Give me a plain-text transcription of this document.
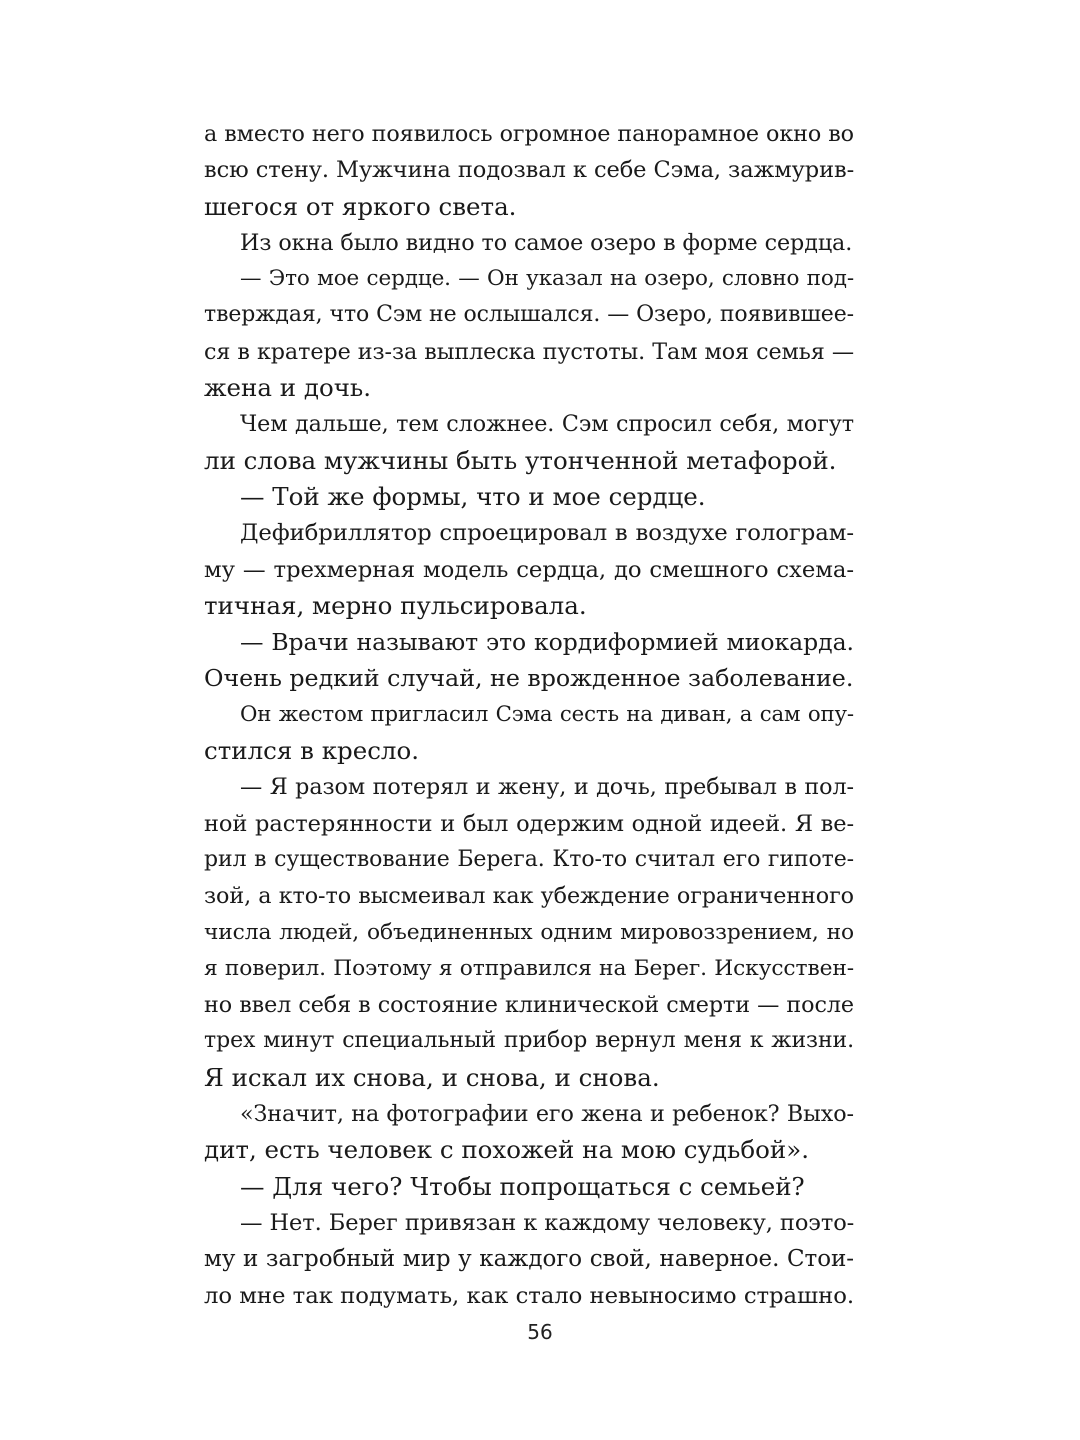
а вместо него появилось огромное панорамное окно во
всю стену. Мужчина подозвал к себе Сэма, зажмурив-
шегося от яркого света.
Из окна было видно то самое озеро в форме сердца.
— Это мое сердце. — Он указал на озеро, словно под-
тверждая, что Сэм не ослышался. — Озеро, появившее-
ся в кратере из-за выплеска пустоты. Там моя семья —
жена и дочь.
Чем дальше, тем сложнее. Сэм спросил себя, могут
ли слова мужчины быть утонченной метафорой.
— Той же формы, что и мое сердце.
Дефибриллятор спроецировал в воздухе голограм-
му — трехмерная модель сердца, до смешного схема-
тичная, мерно пульсировала.
— Врачи называют это кордиформией миокарда.
Очень редкий случай, не врожденное заболевание.
Он жестом пригласил Сэма сесть на диван, а сам опу-
стился в кресло.
— Я разом потерял и жену, и дочь, пребывал в пол-
ной растерянности и был одержим одной идеей. Я ве-
рил в существование Берега. Кто-то считал его гипоте-
зой, а кто-то высмеивал как убеждение ограниченного
числа людей, объединенных одним мировоззрением, но
я поверил. Поэтому я отправился на Берег. Искусствен-
но ввел себя в состояние клинической смерти — после
трех минут специальный прибор вернул меня к жизни.
Я искал их снова, и снова, и снова.
«Значит, на фотографии его жена и ребенок? Выхо-
дит, есть человек с похожей на мою судьбой».
— Для чего? Чтобы попрощаться с семьей?
— Нет. Берег привязан к каждому человеку, поэто-
му и загробный мир у каждого свой, наверное. Стои-
ло мне так подумать, как стало невыносимо страшно.
56
